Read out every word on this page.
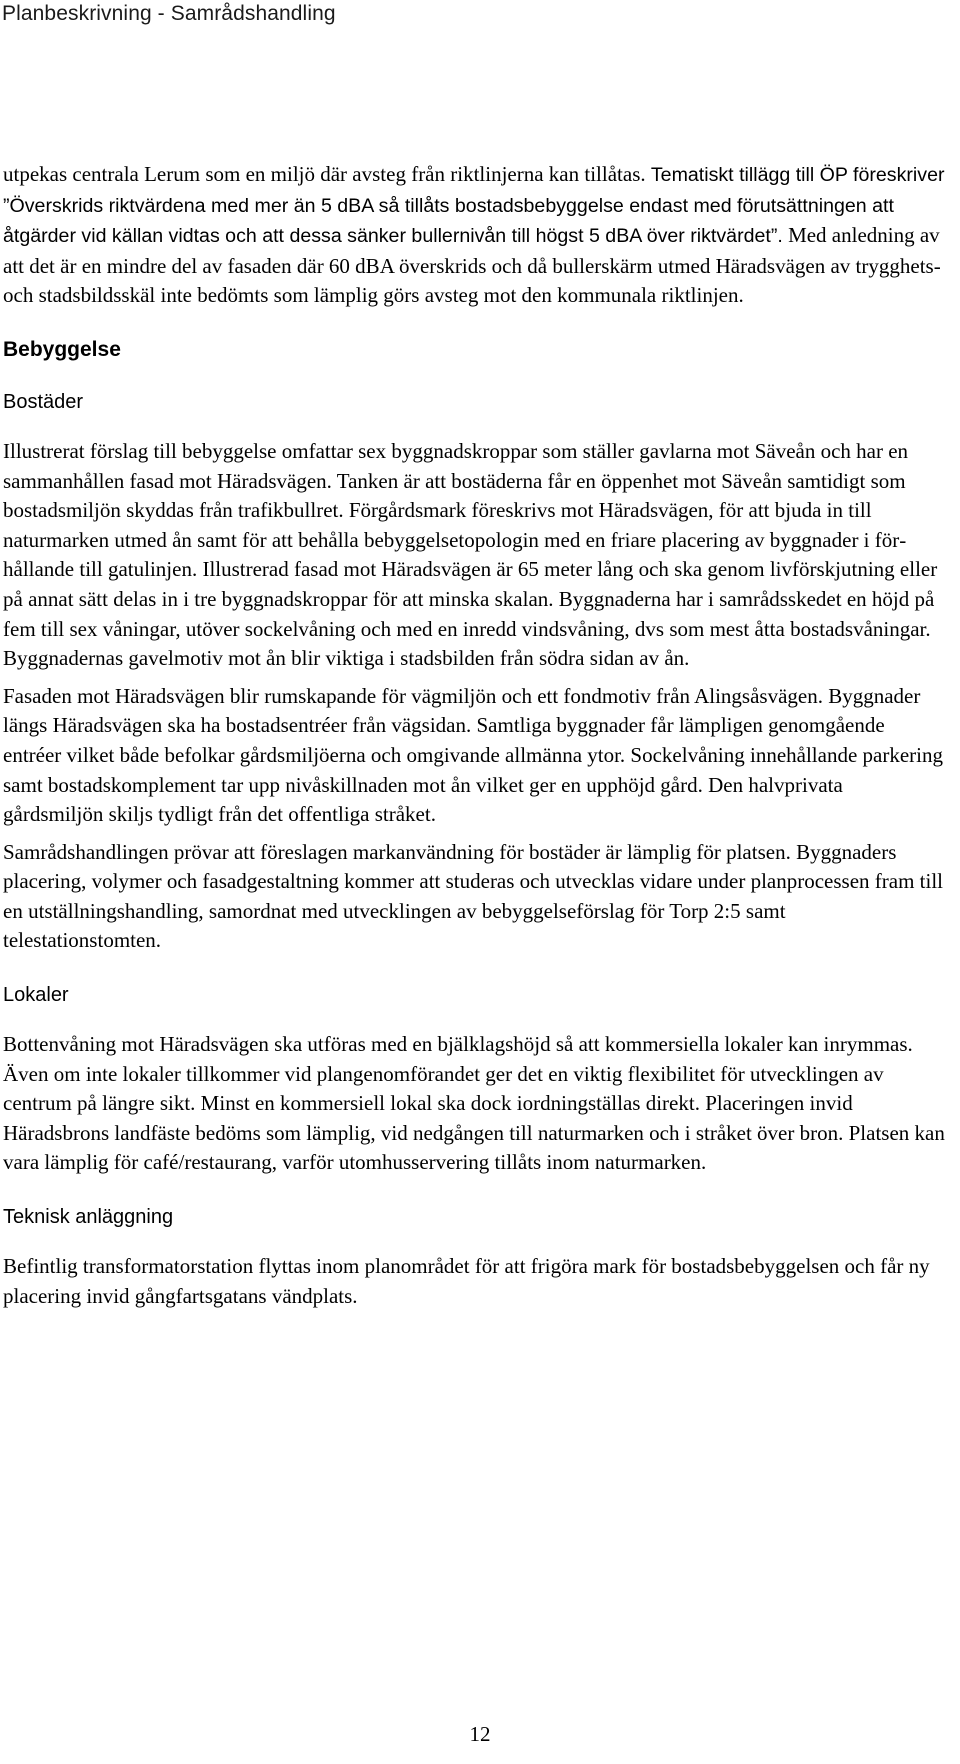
Planbeskrivning - Samrådshandling

utpekas centrala Lerum som en miljö där avsteg från riktlinjerna kan tillåtas. Tematiskt tillägg till ÖP föreskriver ”Överskrids riktvärdena med mer än 5 dBA så tillåts bostadsbebyggelse endast med förutsättningen att åtgärder vid källan vidtas och att dessa sänker bullernivån till högst 5 dBA över riktvärdet”. Med anledning av att det är en mindre del av fasaden där 60 dBA överskrids och då bullerskärm utmed Häradsvägen av trygghets- och stadsbildsskäl inte bedömts som lämplig görs avsteg mot den kommunala riktlinjen.

Bebyggelse
Bostäder

Illustrerat förslag till bebyggelse omfattar sex byggnadskroppar som ställer gavlarna mot Säveån och har en sammanhållen fasad mot Häradsvägen. Tanken är att bostäderna får en öppenhet mot Säveån samtidigt som bostadsmiljön skyddas från trafikbullret. Förgårdsmark föreskrivs mot Häradsvägen, för att bjuda in till naturmarken utmed ån samt för att behålla bebyggelsetopologin med en friare placering av byggnader i förhållande till gatulinjen. Illustrerad fasad mot Häradsvägen är 65 meter lång och ska genom livförskjutning eller på annat sätt delas in i tre byggnadskroppar för att minska skalan. Byggnaderna har i samrådsskedet en höjd på fem till sex våningar, utöver sockelvåning och med en inredd vindsvåning, dvs som mest åtta bostadsvåningar. Byggnadernas gavelmotiv mot ån blir viktiga i stadsbilden från södra sidan av ån.

Fasaden mot Häradsvägen blir rumskapande för vägmiljön och ett fondmotiv från Alingsåsvägen. Byggnader längs Häradsvägen ska ha bostadsentréer från vägsidan. Samtliga byggnader får lämpligen genomgående entréer vilket både befolkar gårdsmiljöerna och omgivande allmänna ytor. Sockelvåning innehållande parkering samt bostadskomplement tar upp nivåskillnaden mot ån vilket ger en upphöjd gård. Den halvprivata gårdsmiljön skiljs tydligt från det offentliga stråket.

Samrådshandlingen prövar att föreslagen markanvändning för bostäder är lämplig för platsen. Byggnaders placering, volymer och fasadgestaltning kommer att studeras och utvecklas vidare under planprocessen fram till en utställningshandling, samordnat med utvecklingen av bebyggelseförslag för Torp 2:5 samt telestationstomten.

Lokaler

Bottenvåning mot Häradsvägen ska utföras med en bjälklagshöjd så att kommersiella lokaler kan inrymmas. Även om inte lokaler tillkommer vid plangenomförandet ger det en viktig flexibilitet för utvecklingen av centrum på längre sikt. Minst en kommersiell lokal ska dock iordningställas direkt. Placeringen invid Häradsbrons landfäste bedöms som lämplig, vid nedgången till naturmarken och i stråket över bron. Platsen kan vara lämplig för café/restaurang, varför utomhusservering tillåts inom naturmarken.

Teknisk anläggning

Befintlig transformatorstation flyttas inom planområdet för att frigöra mark för bostadsbebyggelsen och får ny placering invid gångfartsgatans vändplats.

12
